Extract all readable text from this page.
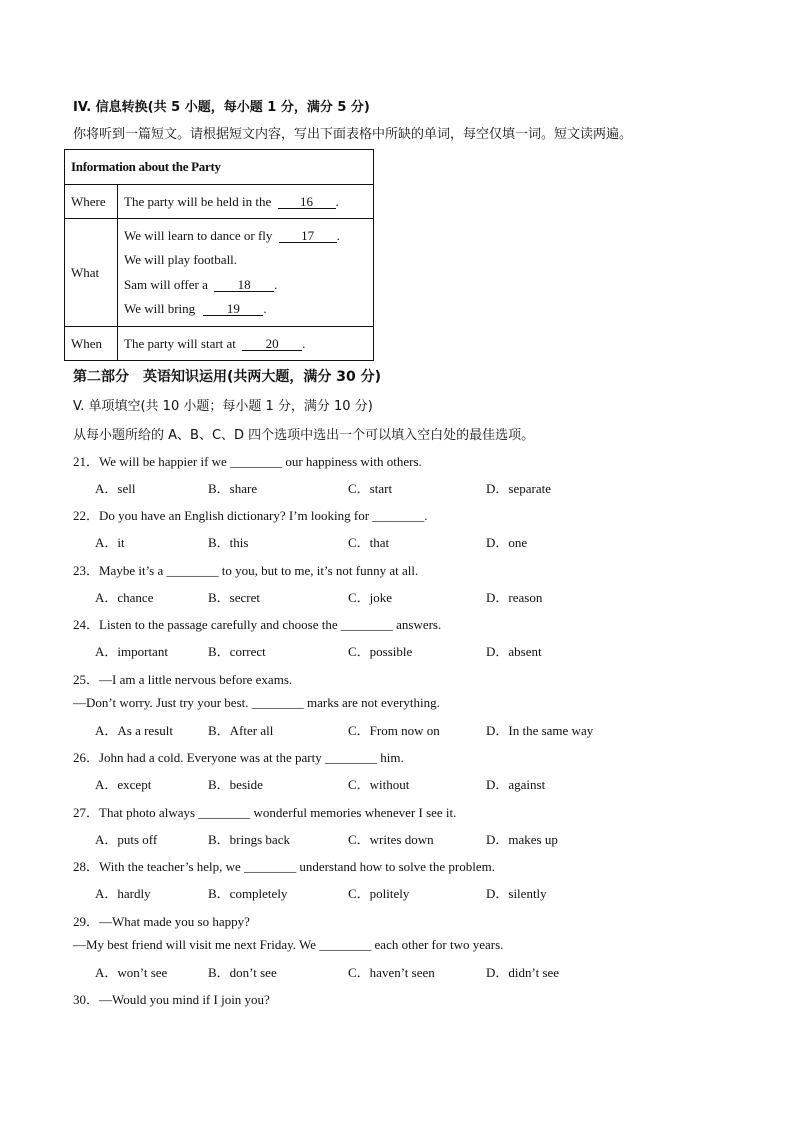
IV. 信息转换(共 5 小题，每小题 1 分，满分 5 分)
你将听到一篇短文。请根据短文内容，写出下面表格中所缺的单词，每空仅填一词。短文读两遍。
Information about the Party	
Where	The party will be held in the 16 .
What	We will learn to dance or fly 17 .
We will play football.
Sam will offer a 18 .
We will bring 19 .

When	The party will start at 20 .
第二部分　英语知识运用(共两大题，满分 30 分)
V. 单项填空(共 10 小题；每小题 1 分，满分 10 分)
从每小题所给的 A、B、C、D 四个选项中选出一个可以填入空白处的最佳选项。
21．We will be happier if we ________ our happiness with others.
A．sell	B．share	C．start	D．separate
22．Do you have an English dictionary? I’m looking for ________.
A．it	B．this	C．that	D．one
23．Maybe it’s a ________ to you, but to me, it’s not funny at all.
A．chance	B．secret	C．joke	D．reason
24．Listen to the passage carefully and choose the ________ answers.
A．important	B．correct	C．possible	D．absent
25．—I am a little nervous before exams.
—Don’t worry. Just try your best. ________ marks are not everything.
A．As a result	B．After all	C．From now on	D．In the same way
26．John had a cold. Everyone was at the party ________ him.
A．except	B．beside	C．without	D．against
27．That photo always ________ wonderful memories whenever I see it.
A．puts off	B．brings back	C．writes down	D．makes up
28．With the teacher’s help, we ________ understand how to solve the problem.
A．hardly	B．completely	C．politely	D．silently
29．—What made you so happy?
—My best friend will visit me next Friday. We ________ each other for two years.
A．won’t see	B．don’t see	C．haven’t seen	D．didn’t see
30．—Would you mind if I join you?
